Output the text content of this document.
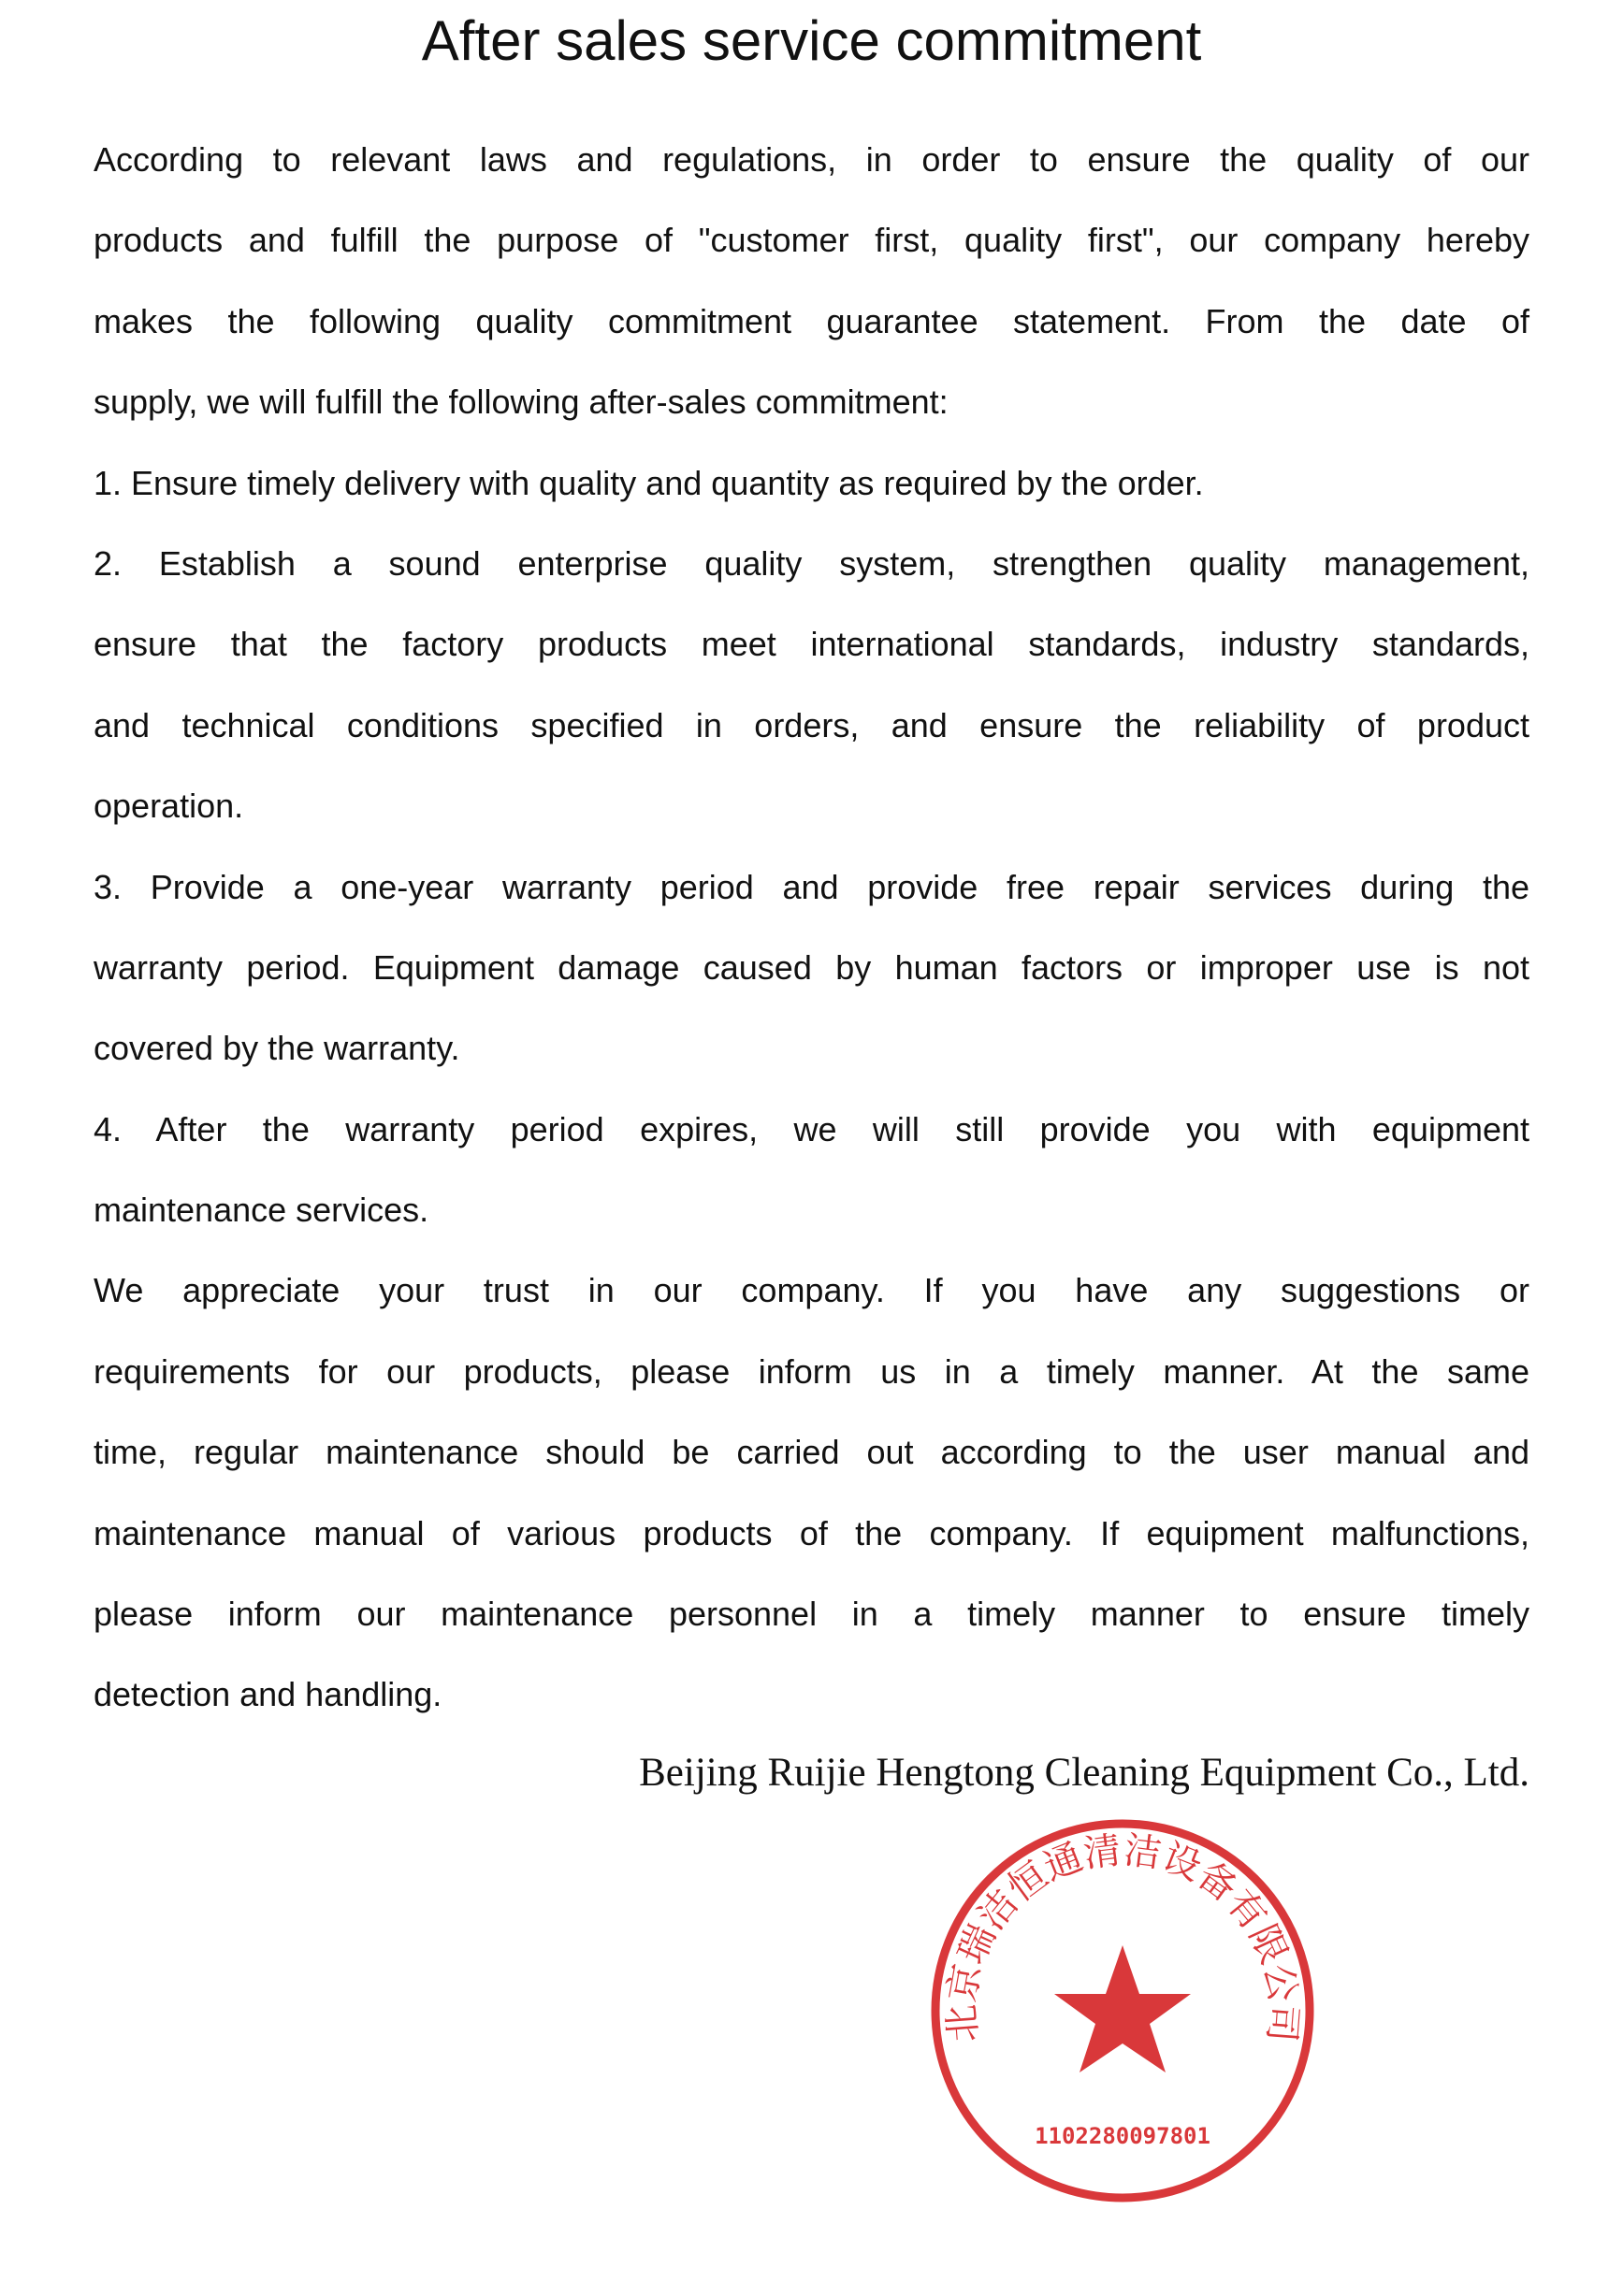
After sales service commitment
According to relevant laws and regulations, in order to ensure the quality of our
products and fulfill the purpose of "customer first, quality first", our company hereby
makes the following quality commitment guarantee statement. From the date of
supply, we will fulfill the following after-sales commitment:
1. Ensure timely delivery with quality and quantity as required by the order.
2. Establish a sound enterprise quality system, strengthen quality management,
ensure that the factory products meet international standards, industry standards,
and technical conditions specified in orders, and ensure the reliability of product
operation.
3. Provide a one-year warranty period and provide free repair services during the
warranty period. Equipment damage caused by human factors or improper use is not
covered by the warranty.
4. After the warranty period expires, we will still provide you with equipment
maintenance services.
We appreciate your trust in our company. If you have any suggestions or
requirements for our products, please inform us in a timely manner. At the same
time, regular maintenance should be carried out according to the user manual and
maintenance manual of various products of the company. If equipment malfunctions,
please inform our maintenance personnel in a timely manner to ensure timely
detection and handling.
Beijing Ruijie Hengtong Cleaning Equipment Co., Ltd.
北京瑞洁恒通清洁设备有限公司
1102280097801
